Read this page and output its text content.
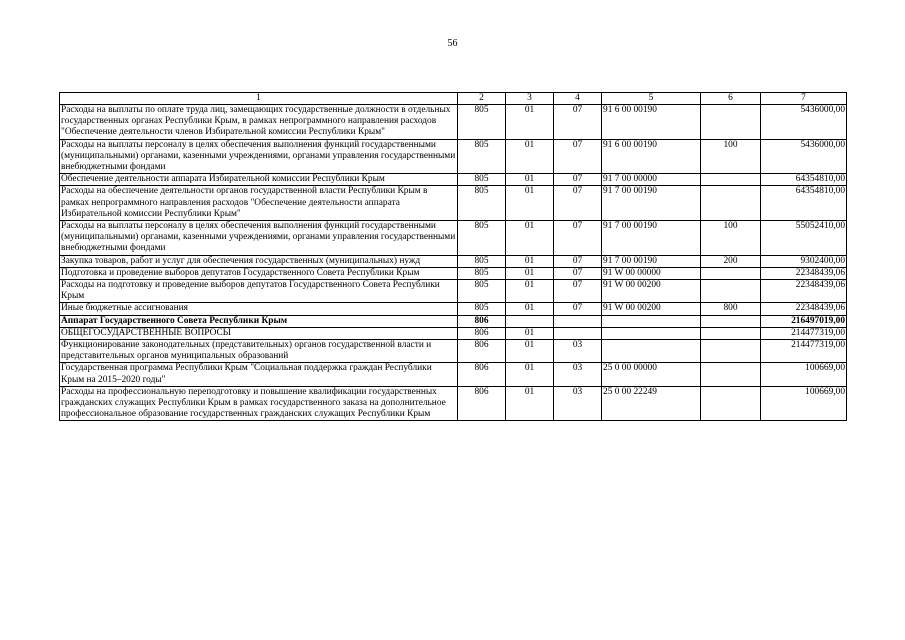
56
1	2	3	4	5	6	7
Расходы на выплаты по оплате труда лиц, замещающих государственные должности в отдельных государственных органах Республики Крым, в рамках непрограммного направления расходов "Обеспечение деятельности членов Избирательной комиссии Республики Крым"	805	01	07	91 6 00 00190		5436000,00
Расходы на выплаты персоналу в целях обеспечения выполнения функций государственными (муниципальными) органами, казенными учреждениями, органами управления государственными внебюджетными фондами	805	01	07	91 6 00 00190	100	5436000,00
Обеспечение деятельности аппарата Избирательной комиссии Республики Крым	805	01	07	91 7 00 00000		64354810,00
Расходы на обеспечение деятельности органов государственной власти Республики Крым в рамках непрограммного направления расходов "Обеспечение деятельности аппарата Избирательной комиссии Республики Крым"	805	01	07	91 7 00 00190		64354810,00
Расходы на выплаты персоналу в целях обеспечения выполнения функций государственными (муниципальными) органами, казенными учреждениями, органами управления государственными внебюджетными фондами	805	01	07	91 7 00 00190	100	55052410,00
Закупка товаров, работ и услуг для обеспечения государственных (муниципальных) нужд	805	01	07	91 7 00 00190	200	9302400,00
Подготовка и проведение выборов депутатов Государственного Совета Республики Крым	805	01	07	91 W 00 00000		22348439,06
Расходы на подготовку и проведение выборов депутатов Государственного Совета Республики Крым	805	01	07	91 W 00 00200		22348439,06
Иные бюджетные ассигнования	805	01	07	91 W 00 00200	800	22348439,06
Аппарат Государственного Совета Республики Крым	806					216497019,00
ОБЩЕГОСУДАРСТВЕННЫЕ ВОПРОСЫ	806	01				214477319,00
Функционирование законодательных (представительных) органов государственной власти и представительных органов муниципальных образований	806	01	03			214477319,00
Государственная программа Республики Крым "Социальная поддержка граждан Республики Крым на 2015–2020 годы"	806	01	03	25 0 00 00000		100669,00
Расходы на профессиональную переподготовку и повышение квалификации государственных гражданских служащих Республики Крым в рамках государственного заказа на дополнительное профессиональное образование государственных гражданских служащих Республики Крым	806	01	03	25 0 00 22249		100669,00
